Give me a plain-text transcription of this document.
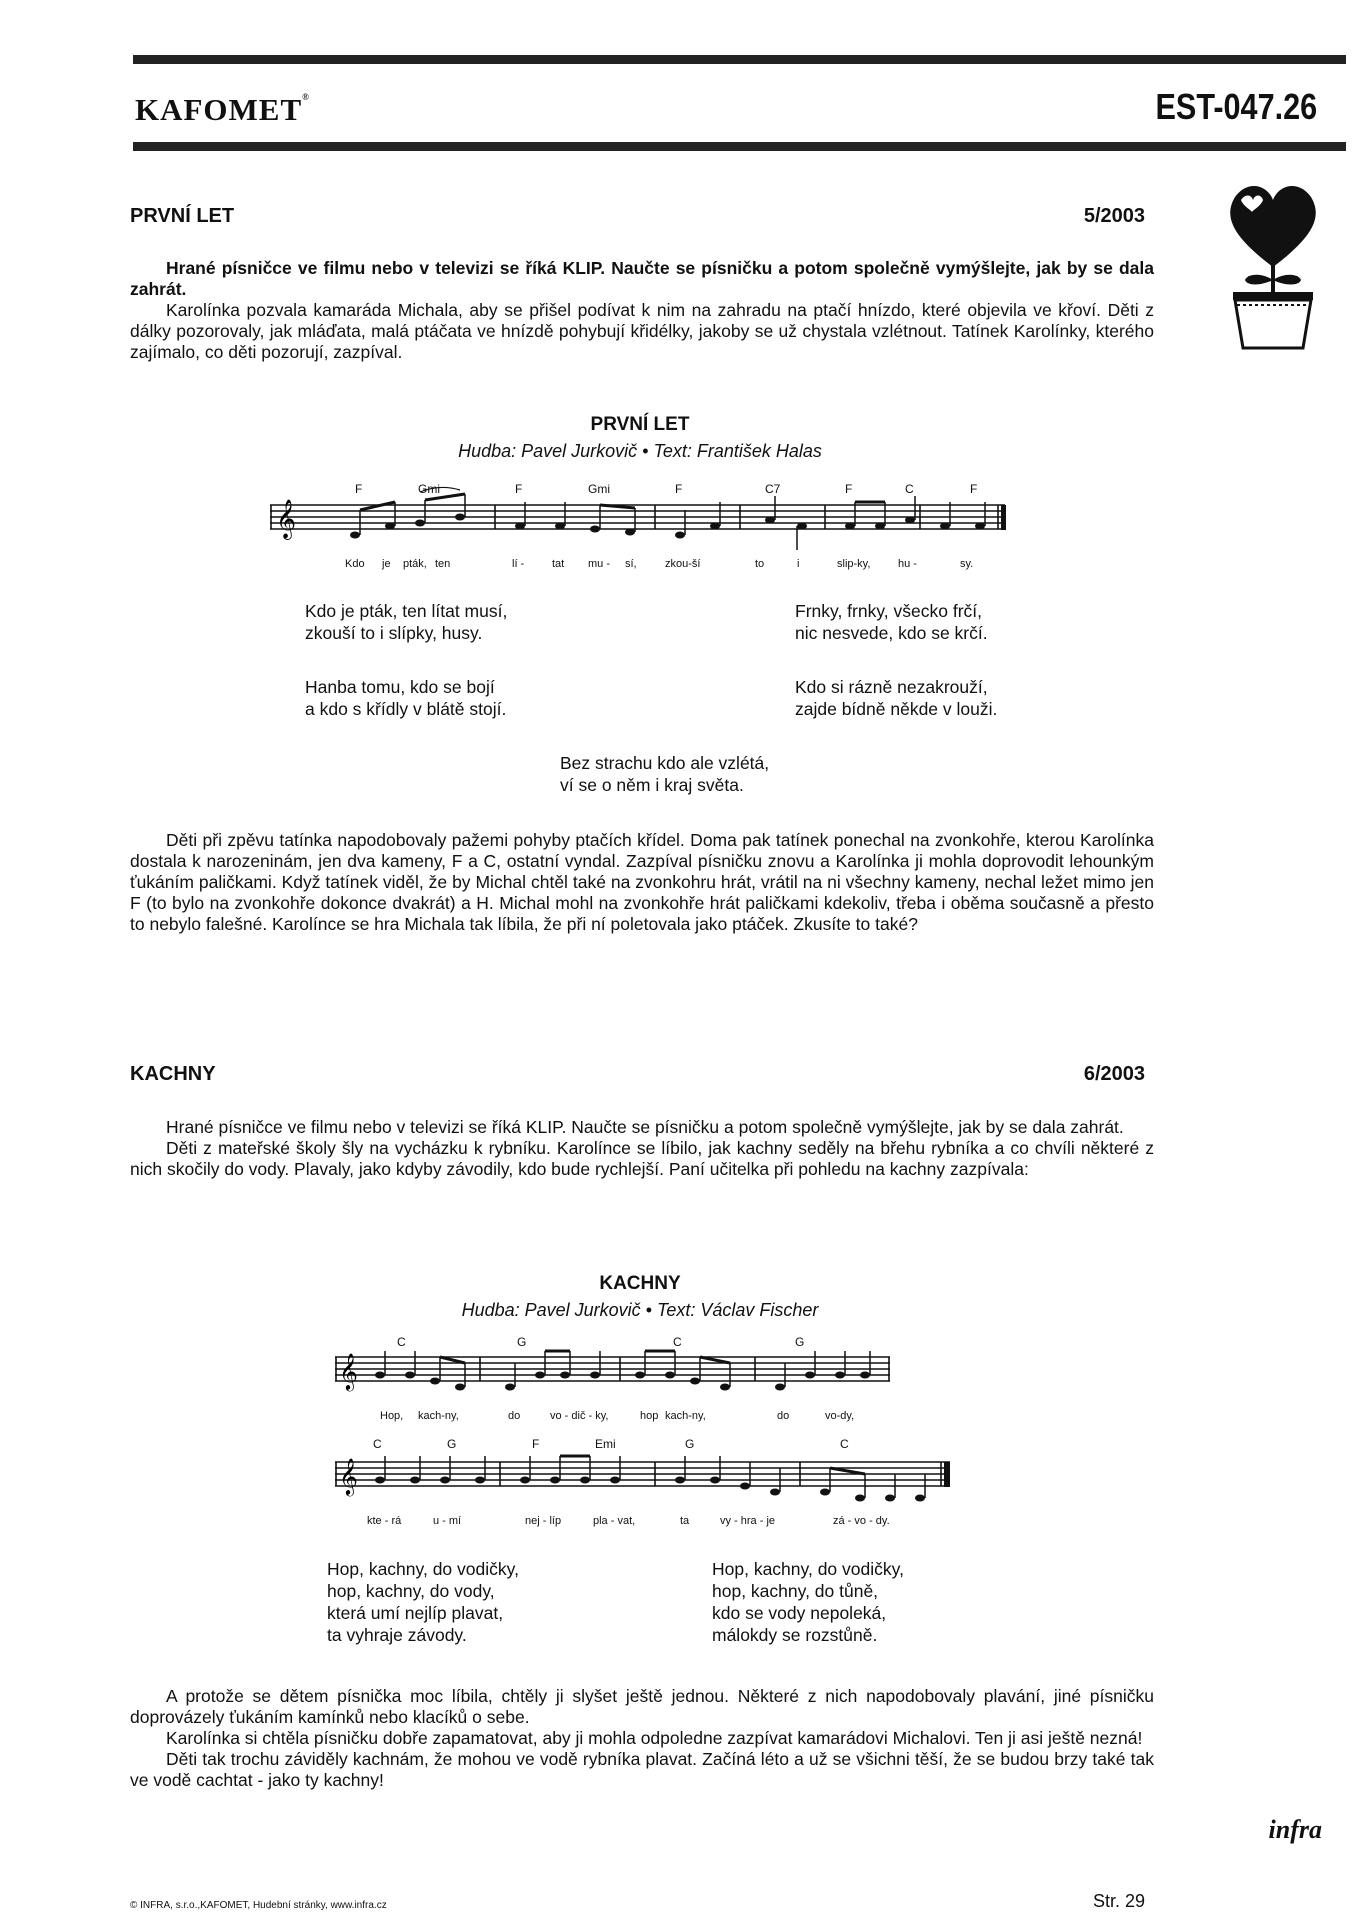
KAFOMET®	EST-047.26
PRVNÍ LET	5/2003

Hrané písničce ve filmu nebo v televizi se říká KLIP. Naučte se písničku a potom společně vymýšlejte, jak by se dala zahrát.

Karolínka pozvala kamaráda Michala, aby se přišel podívat k nim na zahradu na ptačí hnízdo, které objevila ve křoví. Děti z dálky pozorovaly, jak mláďata, malá ptáčata ve hnízdě pohybují křidélky, jakoby se už chystala vzlétnout. Tatínek Karolínky, kterého zajímalo, co děti pozorují, zazpíval.

PRVNÍ LET
Hudba: Pavel Jurkovič • Text: František Halas
𝄞
F	Gmi	F	Gmi	F	C7	F	C	F
Kdo je pták, ten	lí -	tat mu - sí,	zkou-ší	to	i	slip-ky,	hu -	sy.
Kdo je pták, ten lítat musí,
zkouší to i slípky, husy.
Hanba tomu, kdo se bojí
a kdo s křídly v blátě stojí.
Frnky, frnky, všecko frčí,
nic nesvede, kdo se krčí.
Kdo si rázně nezakrouží,
zajde bídně někde v louži.
Bez strachu kdo ale vzlétá,
ví se o něm i kraj světa.

Děti při zpěvu tatínka napodobovaly pažemi pohyby ptačích křídel. Doma pak tatínek ponechal na zvonkohře, kterou Karolínka dostala k narozeninám, jen dva kameny, F a C, ostatní vyndal. Zazpíval písničku znovu a Karolínka ji mohla doprovodit lehounkým ťukáním paličkami. Když tatínek viděl, že by Michal chtěl také na zvonkohru hrát, vrátil na ni všechny kameny, nechal ležet mimo jen F (to bylo na zvonkohře dokonce dvakrát) a H. Michal mohl na zvonkohře hrát paličkami kdekoliv, třeba i oběma současně a přesto to nebylo falešné. Karolínce se hra Michala tak líbila, že při ní poletovala jako ptáček. Zkusíte to také?

KACHNY	6/2003

Hrané písničce ve filmu nebo v televizi se říká KLIP. Naučte se písničku a potom společně vymýšlejte, jak by se dala zahrát.

Děti z mateřské školy šly na vycházku k rybníku. Karolínce se líbilo, jak kachny seděly na břehu rybníka a co chvíli některé z nich skočily do vody. Plavaly, jako kdyby závodily, kdo bude rychlejší. Paní učitelka při pohledu na kachny zazpívala:

KACHNY
Hudba: Pavel Jurkovič • Text: Václav Fischer
𝄞
C	G	C	G
Hop, kach-ny,	do	vo - dič - ky,	hop kach-ny,	do	vo-dy,
𝄞
C	G	F	Emi	G	C
kte - rá	u - mí	nej - líp	pla - vat,	ta	vy - hra - je	zá - vo - dy.
Hop, kachny, do vodičky,
hop, kachny, do vody,
která umí nejlíp plavat,
ta vyhraje závody.
Hop, kachny, do vodičky,
hop, kachny, do tůně,
kdo se vody nepoleká,
málokdy se rozstůně.

A protože se dětem písnička moc líbila, chtěly ji slyšet ještě jednou. Některé z nich napodobovaly plavání, jiné písničku doprovázely ťukáním kamínků nebo klacíků o sebe.

Karolínka si chtěla písničku dobře zapamatovat, aby ji mohla odpoledne zazpívat kamarádovi Michalovi. Ten ji asi ještě nezná!

Děti tak trochu záviděly kachnám, že mohou ve vodě rybníka plavat. Začíná léto a už se všichni těší, že se budou brzy také tak ve vodě cachtat - jako ty kachny!

infra
© INFRA, s.r.o.,KAFOMET, Hudební stránky, www.infra.cz	Str. 29
